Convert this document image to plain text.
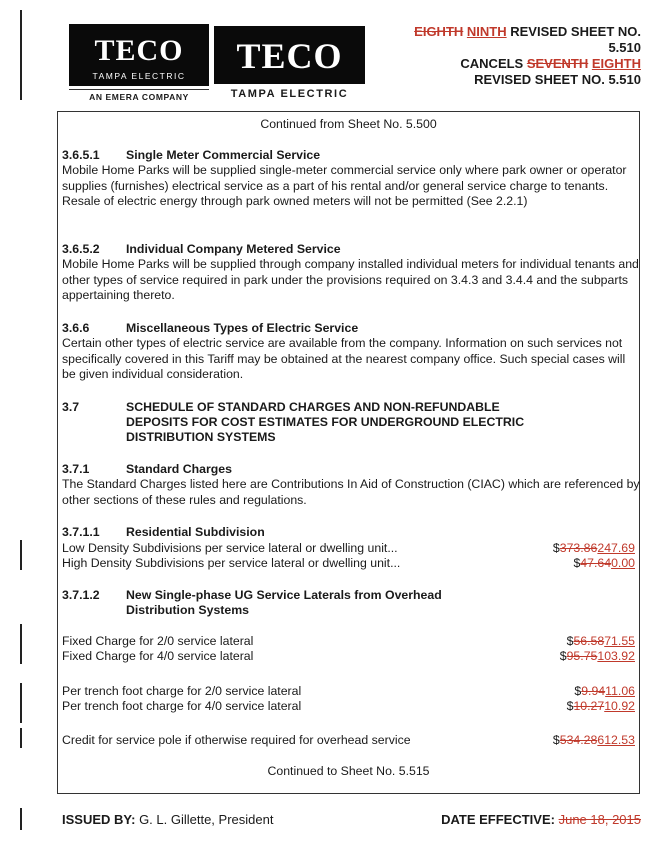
TECO
TAMPA ELECTRIC
AN EMERA COMPANY
TECO
TAMPA ELECTRIC
EIGHTH NINTH REVISED SHEET NO.
5.510
CANCELS SEVENTH EIGHTH
REVISED SHEET NO. 5.510
Continued from Sheet No. 5.500
3.6.5.1 Single Meter Commercial Service
Mobile Home Parks will be supplied single-meter commercial service only where park owner or operator supplies (furnishes) electrical service as a part of his rental and/or general service charge to tenants. Resale of electric energy through park owned meters will not be permitted (See 2.2.1)
3.6.5.2 Individual Company Metered Service
Mobile Home Parks will be supplied through company installed individual meters for individual tenants and other types of service required in park under the provisions required on 3.4.3 and 3.4.4 and the subparts appertaining thereto.
3.6.6	Miscellaneous Types of Electric Service
Certain other types of electric service are available from the company. Information on such services not specifically covered in this Tariff may be obtained at the nearest company office. Such special cases will be given individual consideration.
3.7	SCHEDULE OF STANDARD CHARGES AND NON-REFUNDABLE
DEPOSITS FOR COST ESTIMATES FOR UNDERGROUND ELECTRIC
DISTRIBUTION SYSTEMS
3.7.1	Standard Charges
The Standard Charges listed here are Contributions In Aid of Construction (CIAC) which are referenced by other sections of these rules and regulations.
3.7.1.1 Residential Subdivision
Low Density Subdivisions per service lateral or dwelling unit...	$373.86247.69
High Density Subdivisions per service lateral or dwelling unit...	$47.640.00
3.7.1.2 New Single-phase UG Service Laterals from Overhead
Distribution Systems
Fixed Charge for 2/0 service lateral	$56.5871.55
Fixed Charge for 4/0 service lateral	$95.75103.92
Per trench foot charge for 2/0 service lateral	$9.9411.06
Per trench foot charge for 4/0 service lateral	$10.2710.92
Credit for service pole if otherwise required for overhead service	$534.28612.53
Continued to Sheet No. 5.515
ISSUED BY: G. L. Gillette, President	DATE EFFECTIVE: June 18, 2015
